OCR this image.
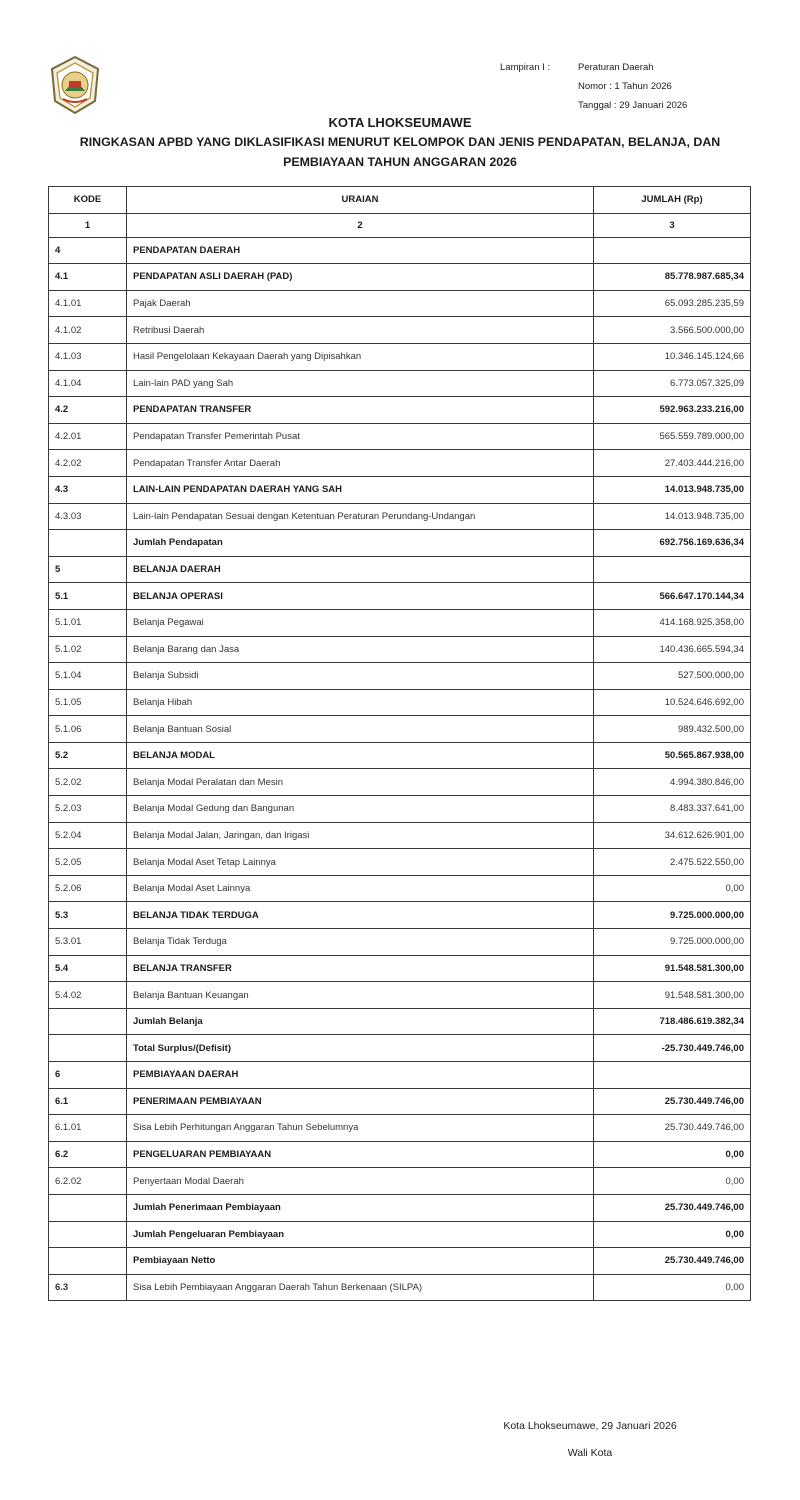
Lampiran I :	Peraturan Daerah
Nomor : 1 Tahun 2026
Tanggal : 29 Januari 2026
KOTA LHOKSEUMAWE
RINGKASAN APBD YANG DIKLASIFIKASI MENURUT KELOMPOK DAN JENIS PENDAPATAN, BELANJA, DAN
PEMBIAYAAN TAHUN ANGGARAN 2026
KODE	URAIAN	JUMLAH (Rp)
1	2	3
4	PENDAPATAN DAERAH	
4.1	PENDAPATAN ASLI DAERAH (PAD)	85.778.987.685,34
4.1.01	Pajak Daerah	65.093.285.235,59
4.1.02	Retribusi Daerah	3.566.500.000,00
4.1.03	Hasil Pengelolaan Kekayaan Daerah yang Dipisahkan	10.346.145.124,66
4.1.04	Lain-lain PAD yang Sah	6.773.057.325,09
4.2	PENDAPATAN TRANSFER	592.963.233.216,00
4.2.01	Pendapatan Transfer Pemerintah Pusat	565.559.789.000,00
4.2.02	Pendapatan Transfer Antar Daerah	27.403.444.216,00
4.3	LAIN-LAIN PENDAPATAN DAERAH YANG SAH	14.013.948.735,00
4.3.03	Lain-lain Pendapatan Sesuai dengan Ketentuan Peraturan Perundang-Undangan	14.013.948.735,00
	Jumlah Pendapatan	692.756.169.636,34
5	BELANJA DAERAH	
5.1	BELANJA OPERASI	566.647.170.144,34
5.1.01	Belanja Pegawai	414.168.925.358,00
5.1.02	Belanja Barang dan Jasa	140.436.665.594,34
5.1.04	Belanja Subsidi	527.500.000,00
5.1.05	Belanja Hibah	10.524.646.692,00
5.1.06	Belanja Bantuan Sosial	989.432.500,00
5.2	BELANJA MODAL	50.565.867.938,00
5.2.02	Belanja Modal Peralatan dan Mesin	4.994.380.846,00
5.2.03	Belanja Modal Gedung dan Bangunan	8.483.337.641,00
5.2.04	Belanja Modal Jalan, Jaringan, dan Irigasi	34.612.626.901,00
5.2.05	Belanja Modal Aset Tetap Lainnya	2.475.522.550,00
5.2.06	Belanja Modal Aset Lainnya	0,00
5.3	BELANJA TIDAK TERDUGA	9.725.000.000,00
5.3.01	Belanja Tidak Terduga	9.725.000.000,00
5.4	BELANJA TRANSFER	91.548.581.300,00
5.4.02	Belanja Bantuan Keuangan	91.548.581.300,00
	Jumlah Belanja	718.486.619.382,34
	Total Surplus/(Defisit)	-25.730.449.746,00
6	PEMBIAYAAN DAERAH	
6.1	PENERIMAAN PEMBIAYAAN	25.730.449.746,00
6.1.01	Sisa Lebih Perhitungan Anggaran Tahun Sebelumnya	25.730.449.746,00
6.2	PENGELUARAN PEMBIAYAAN	0,00
6.2.02	Penyertaan Modal Daerah	0,00
	Jumlah Penerimaan Pembiayaan	25.730.449.746,00
	Jumlah Pengeluaran Pembiayaan	0,00
	Pembiayaan Netto	25.730.449.746,00
6.3	Sisa Lebih Pembiayaan Anggaran Daerah Tahun Berkenaan (SILPA)	0,00
Kota Lhokseumawe, 29 Januari 2026
Wali Kota
